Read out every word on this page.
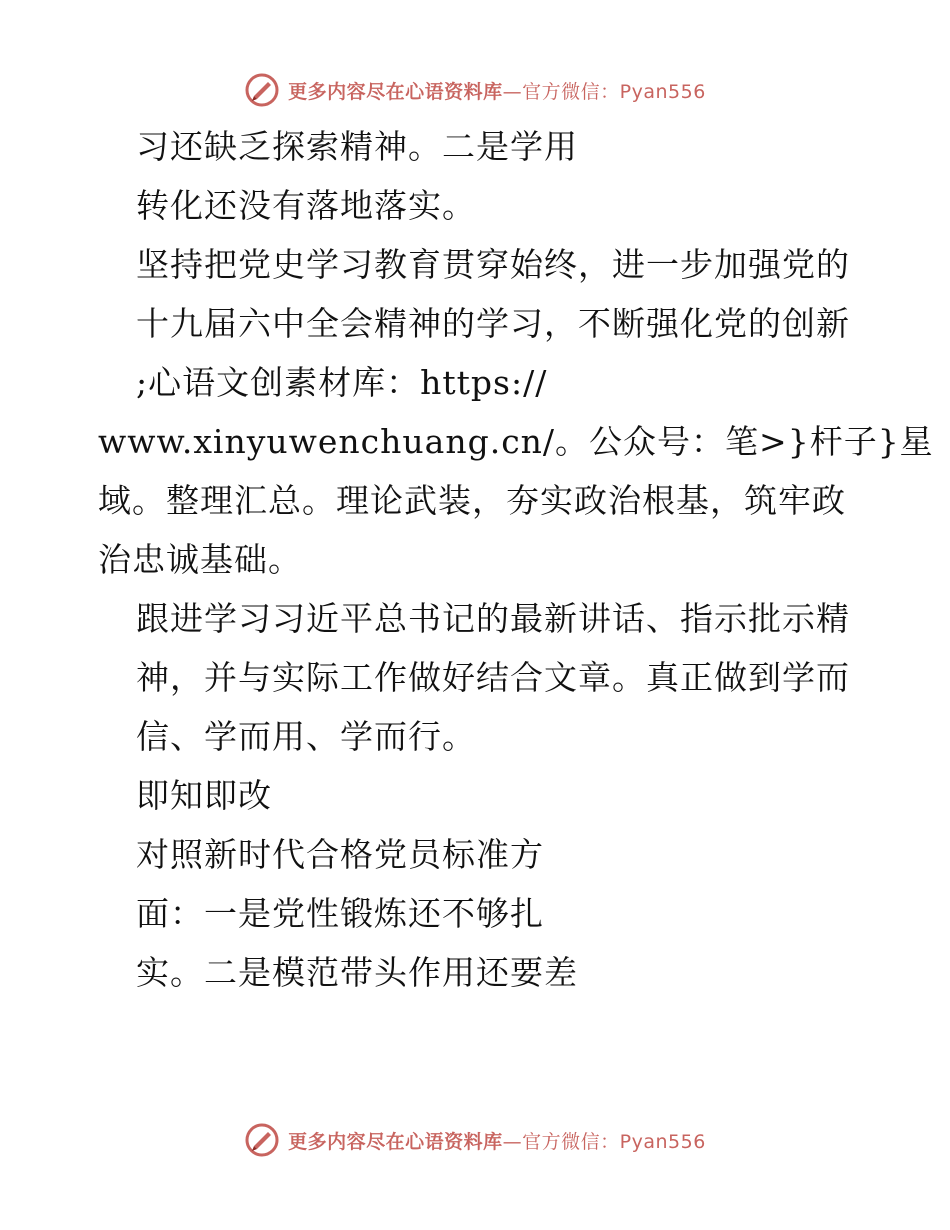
更多内容尽在心语资料库—官方微信：Pyan556
习还缺乏探索精神。二是学用
转化还没有落地落实。
坚持把党史学习教育贯穿始终，进一步加强党的
十九届六中全会精神的学习，不断强化党的创新
;心语文创素材库：https://
www.xinyuwenchuang.cn/。公众号：笔>}杆子}星
域。整理汇总。理论武装，夯实政治根基，筑牢政
治忠诚基础。
跟进学习习近平总书记的最新讲话、指示批示精
神，并与实际工作做好结合文章。真正做到学而
信、学而用、学而行。
即知即改
对照新时代合格党员标准方
面：一是党性锻炼还不够扎
实。二是模范带头作用还要差
更多内容尽在心语资料库—官方微信：Pyan556
